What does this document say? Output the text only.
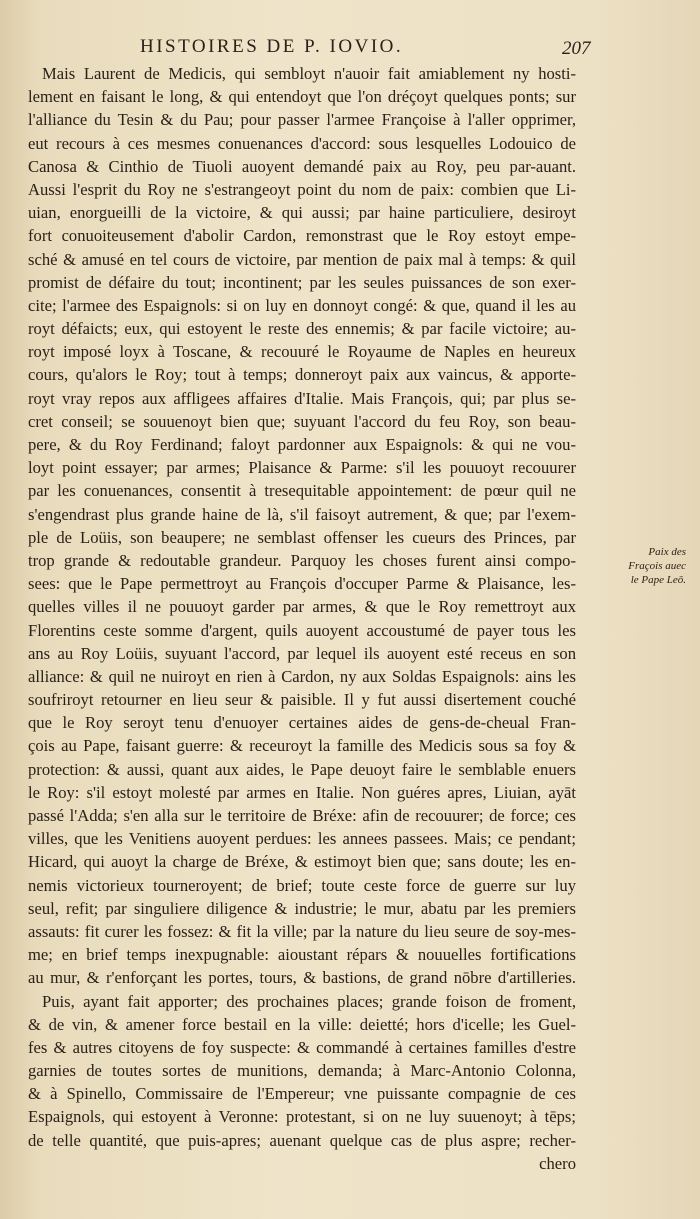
HISTOIRES DE P. IOVIO.	207
Mais Laurent de Medicis, qui sembloyt n'auoir fait amiablement ny hosti-
lement en faisant le long, & qui entendoyt que l'on dréçoyt quelques ponts; sur
l'alliance du Tesin & du Pau; pour passer l'armee Françoise à l'aller opprimer,
eut recours à ces mesmes conuenances d'accord: sous lesquelles Lodouico de
Canosa & Cinthio de Tiuoli auoyent demandé paix au Roy, peu par-auant.
Aussi l'esprit du Roy ne s'estrangeoyt point du nom de paix: combien que Li-
uian, enorgueilli de la victoire, & qui aussi; par haine particuliere, desiroyt
fort conuoiteusement d'abolir Cardon, remonstrast que le Roy estoyt empe-
sché & amusé en tel cours de victoire, par mention de paix mal à temps: & quil
promist de défaire du tout; incontinent; par les seules puissances de son exer-
cite; l'armee des Espaignols: si on luy en donnoyt congé: & que, quand il les au
royt défaicts; eux, qui estoyent le reste des ennemis; & par facile victoire; au-
royt imposé loyx à Toscane, & recouuré le Royaume de Naples en heureux
cours, qu'alors le Roy; tout à temps; donneroyt paix aux vaincus, & apporte-
royt vray repos aux affligees affaires d'Italie. Mais François, qui; par plus se-
cret conseil; se souuenoyt bien que; suyuant l'accord du feu Roy, son beau-
pere, & du Roy Ferdinand; faloyt pardonner aux Espaignols: & qui ne vou-
loyt point essayer; par armes; Plaisance & Parme: s'il les pouuoyt recouurer
par les conuenances, consentit à tresequitable appointement: de pœur quil ne
s'engendrast plus grande haine de là, s'il faisoyt autrement, & que; par l'exem-
ple de Loüis, son beaupere; ne semblast offenser les cueurs des Princes, par
trop grande & redoutable grandeur. Parquoy les choses furent ainsi compo-
sees: que le Pape permettroyt au François d'occuper Parme & Plaisance, les-
quelles villes il ne pouuoyt garder par armes, & que le Roy remettroyt aux
Florentins ceste somme d'argent, quils auoyent accoustumé de payer tous les
ans au Roy Loüis, suyuant l'accord, par lequel ils auoyent esté receus en son
alliance: & quil ne nuiroyt en rien à Cardon, ny aux Soldas Espaignols: ains les
soufriroyt retourner en lieu seur & paisible. Il y fut aussi disertement couché
que le Roy seroyt tenu d'enuoyer certaines aides de gens-de-cheual Fran-
çois au Pape, faisant guerre: & receuroyt la famille des Medicis sous sa foy &
protection: & aussi, quant aux aides, le Pape deuoyt faire le semblable enuers
le Roy: s'il estoyt molesté par armes en Italie. Non guéres apres, Liuian, ayāt
passé l'Adda; s'en alla sur le territoire de Bréxe: afin de recouurer; de force; ces
villes, que les Venitiens auoyent perdues: les annees passees. Mais; ce pendant;
Hicard, qui auoyt la charge de Bréxe, & estimoyt bien que; sans doute; les en-
nemis victorieux tourneroyent; de brief; toute ceste force de guerre sur luy
seul, refit; par singuliere diligence & industrie; le mur, abatu par les premiers
assauts: fit curer les fossez: & fit la ville; par la nature du lieu seure de soy-mes-
me; en brief temps inexpugnable: aioustant répars & nouuelles fortifications
au mur, & r'enforçant les portes, tours, & bastions, de grand nōbre d'artilleries.
Puis, ayant fait apporter; des prochaines places; grande foison de froment,
& de vin, & amener force bestail en la ville: deietté; hors d'icelle; les Guel-
fes & autres citoyens de foy suspecte: & commandé à certaines familles d'estre
garnies de toutes sortes de munitions, demanda; à Marc-Antonio Colonna,
& à Spinello, Commissaire de l'Empereur; vne puissante compagnie de ces
Espaignols, qui estoyent à Veronne: protestant, si on ne luy suuenoyt; à tēps;
de telle quantité, que puis-apres; auenant quelque cas de plus aspre; recher-
chero
Paix des
Fraçois auec
le Pape Leō.
